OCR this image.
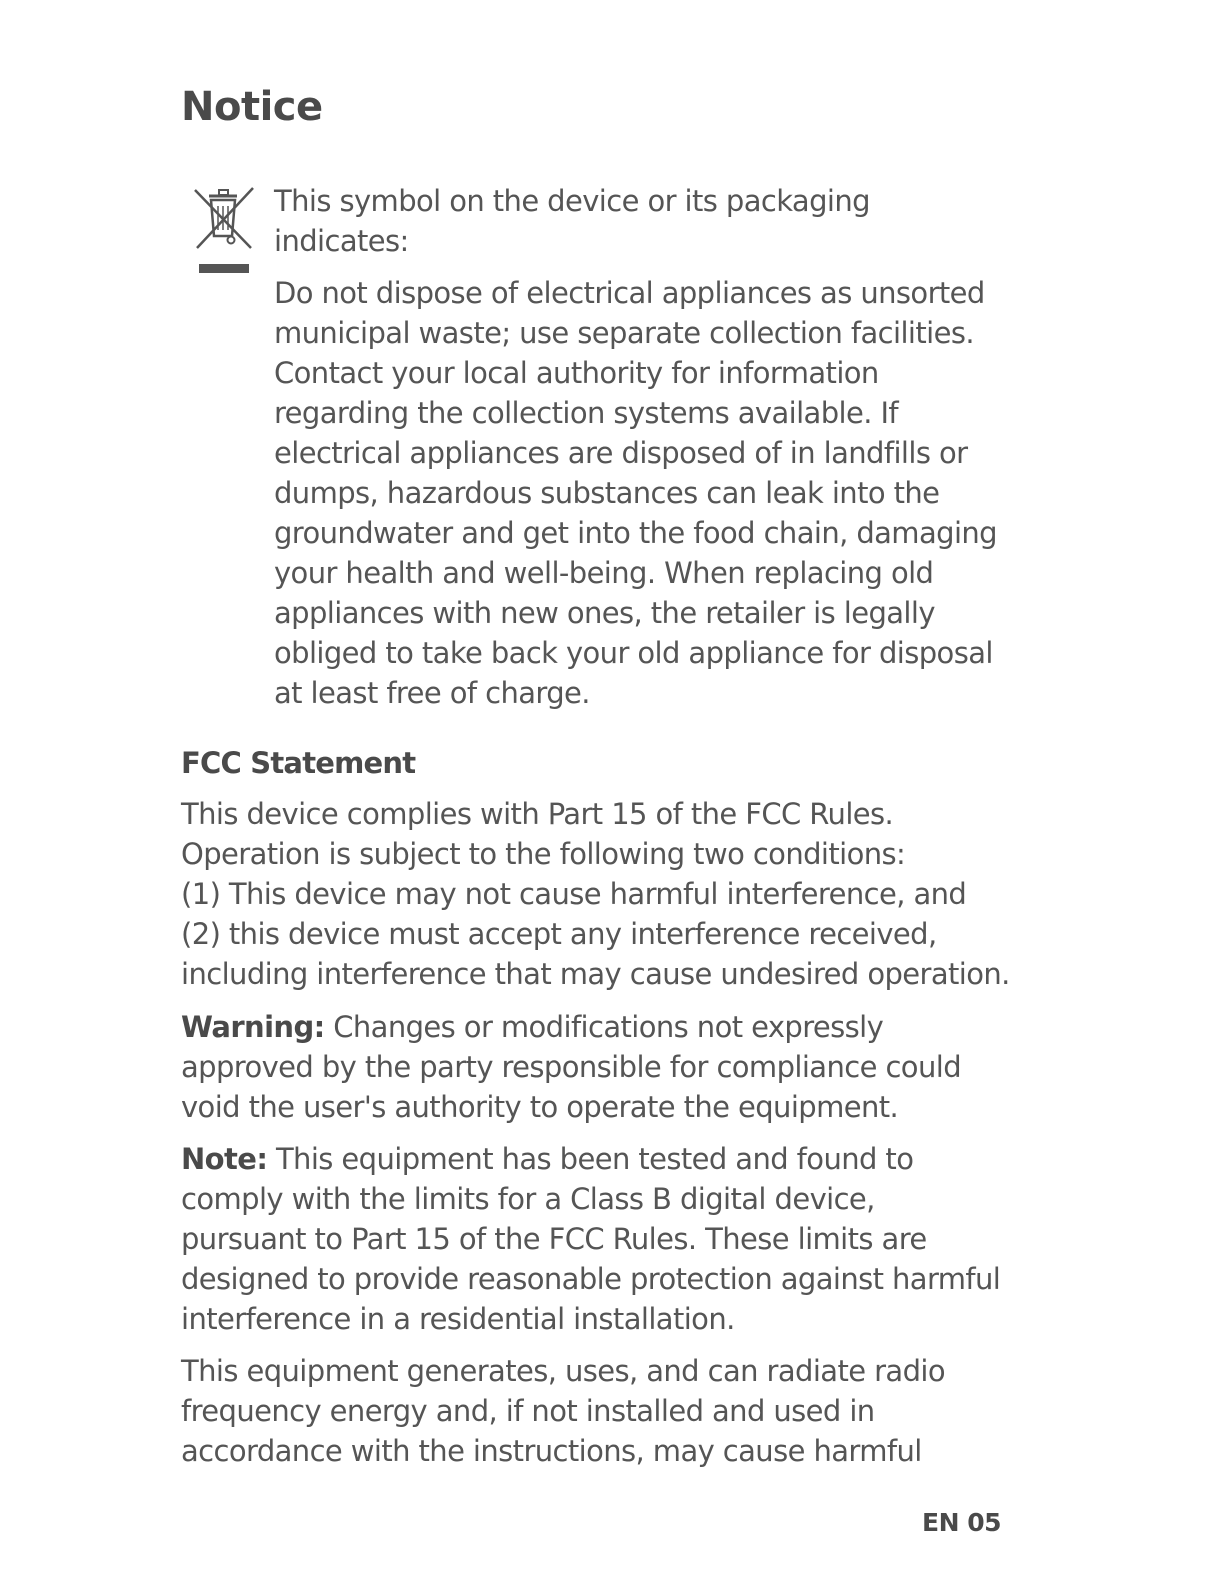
Notice
This symbol on the device or its packaging
indicates:
Do not dispose of electrical appliances as unsorted
municipal waste; use separate collection facilities.
Contact your local authority for information
regarding the collection systems available. If
electrical appliances are disposed of in landfills or
dumps, hazardous substances can leak into the
groundwater and get into the food chain, damaging
your health and well-being. When replacing old
appliances with new ones, the retailer is legally
obliged to take back your old appliance for disposal
at least free of charge.
FCC Statement
This device complies with Part 15 of the FCC Rules.
Operation is subject to the following two conditions:
(1) This device may not cause harmful interference, and
(2) this device must accept any interference received,
including interference that may cause undesired operation.
Warning: Changes or modifications not expressly
approved by the party responsible for compliance could
void the user's authority to operate the equipment.
Note: This equipment has been tested and found to
comply with the limits for a Class B digital device,
pursuant to Part 15 of the FCC Rules. These limits are
designed to provide reasonable protection against harmful
interference in a residential installation.
This equipment generates, uses, and can radiate radio
frequency energy and, if not installed and used in
accordance with the instructions, may cause harmful
EN 05
